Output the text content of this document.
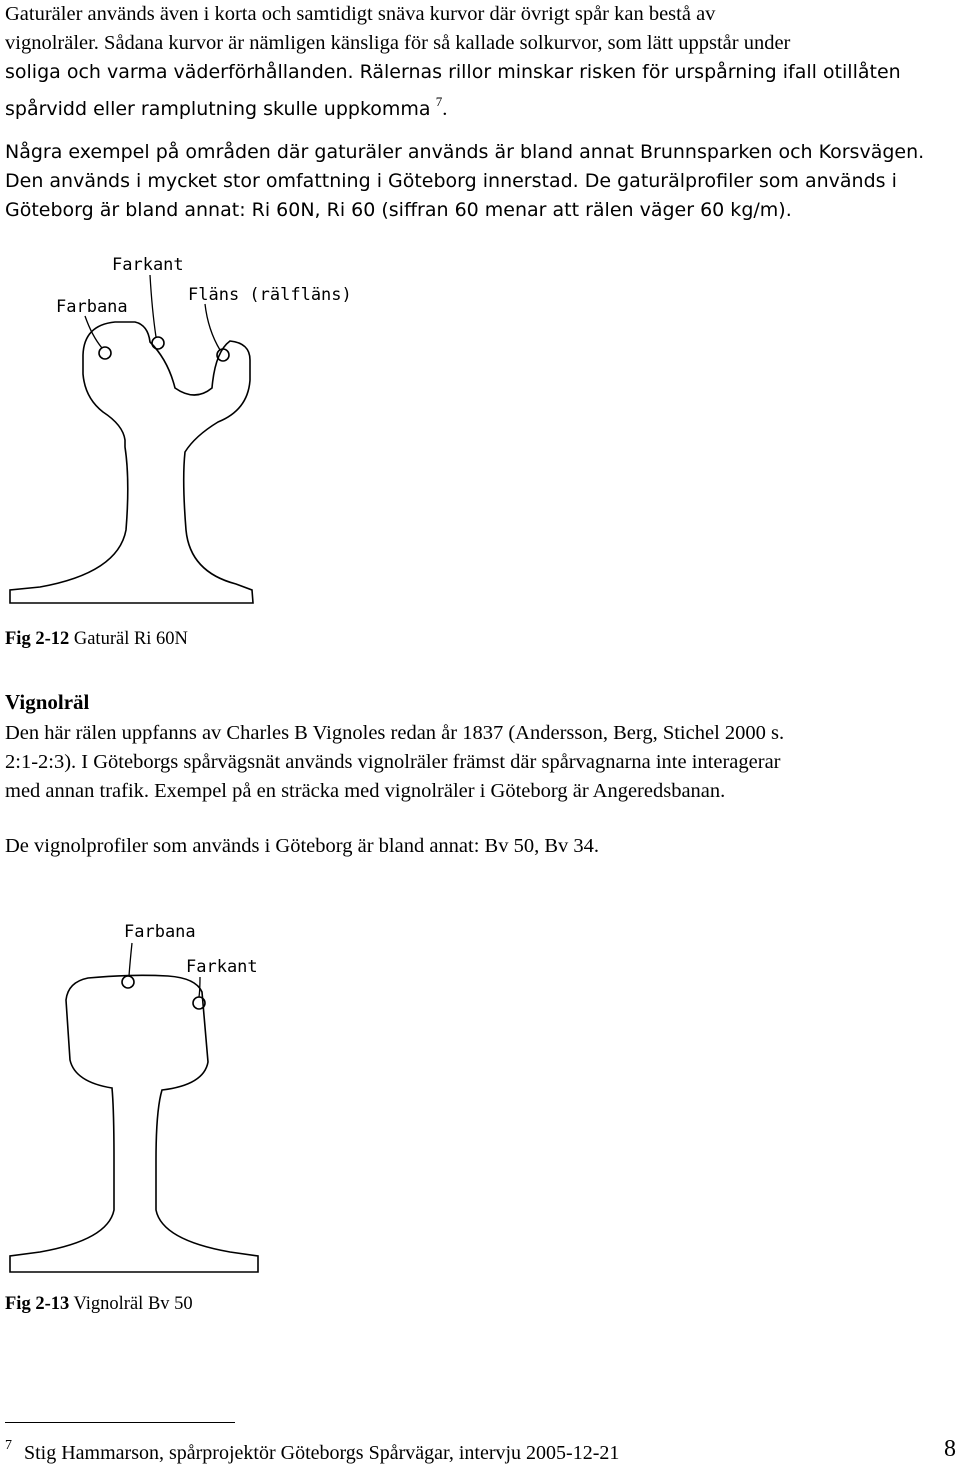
Gaturäler används även i korta och samtidigt snäva kurvor där övrigt spår kan bestå av
vignolräler. Sådana kurvor är nämligen känsliga för så kallade solkurvor, som lätt uppstår under
soliga och varma väderförhållanden. Rälernas rillor minskar risken för urspårning ifall otillåten
spårvidd eller ramplutning skulle uppkomma $^7$.

Några exempel på områden där gaturäler används är bland annat Brunnsparken och Korsvägen.
Den används i mycket stor omfattning i Göteborg innerstad. De gaturälprofiler som används i
Göteborg är bland annat: Ri 60N, Ri 60 (siffran 60 menar att rälen väger 60 kg/m).

Farkant
Farbana
Fläns (rälfläns)

Fig 2-12 Gaturäl Ri 60N

Vignolräl

Den här rälen uppfanns av Charles B Vignoles redan år 1837 (Andersson, Berg, Stichel 2000 s.
2:1-2:3). I Göteborgs spårvägsnät används vignolräler främst där spårvagnarna inte interagerar
med annan trafik. Exempel på en sträcka med vignolräler i Göteborg är Angeredsbanan.

De vignolprofiler som används i Göteborg är bland annat: Bv 50, Bv 34.

Farbana
Farkant

Fig 2-13 Vignolräl Bv 50

$^7$ Stig Hammarson, spårprojektör Göteborgs Spårvägar, intervju 2005-12-21	8
